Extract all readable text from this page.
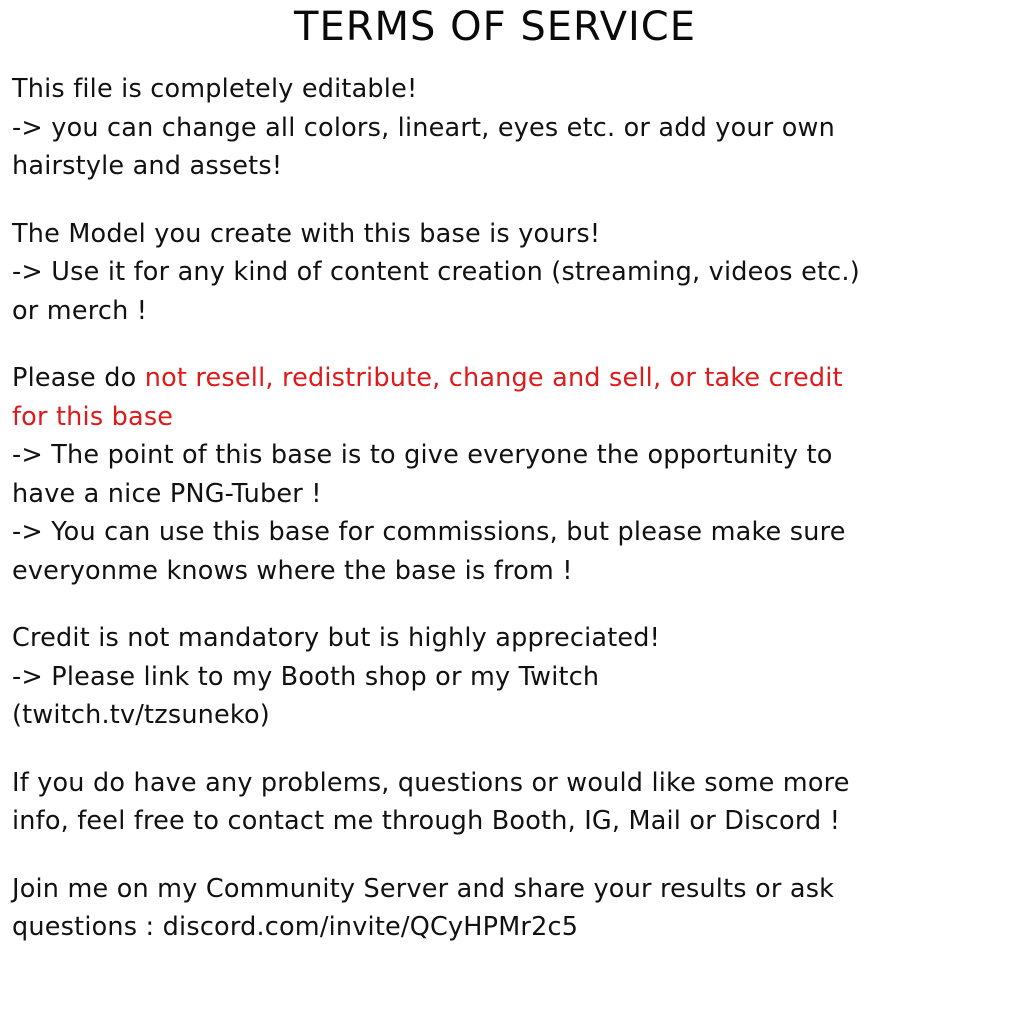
TERMS OF SERVICE

This file is completely editable!
-> you can change all colors, lineart, eyes etc. or add your own
hairstyle and assets!

The Model you create with this base is yours!
-> Use it for any kind of content creation (streaming, videos etc.)
or merch !

Please do not resell, redistribute, change and sell, or take credit
for this base
-> The point of this base is to give everyone the opportunity to
have a nice PNG-Tuber !
-> You can use this base for commissions, but please make sure
everyonme knows where the base is from !

Credit is not mandatory but is highly appreciated!
-> Please link to my Booth shop or my Twitch
(twitch.tv/tzsuneko)

If you do have any problems, questions or would like some more
info, feel free to contact me through Booth, IG, Mail or Discord !

Join me on my Community Server and share your results or ask
questions : discord.com/invite/QCyHPMr2c5
